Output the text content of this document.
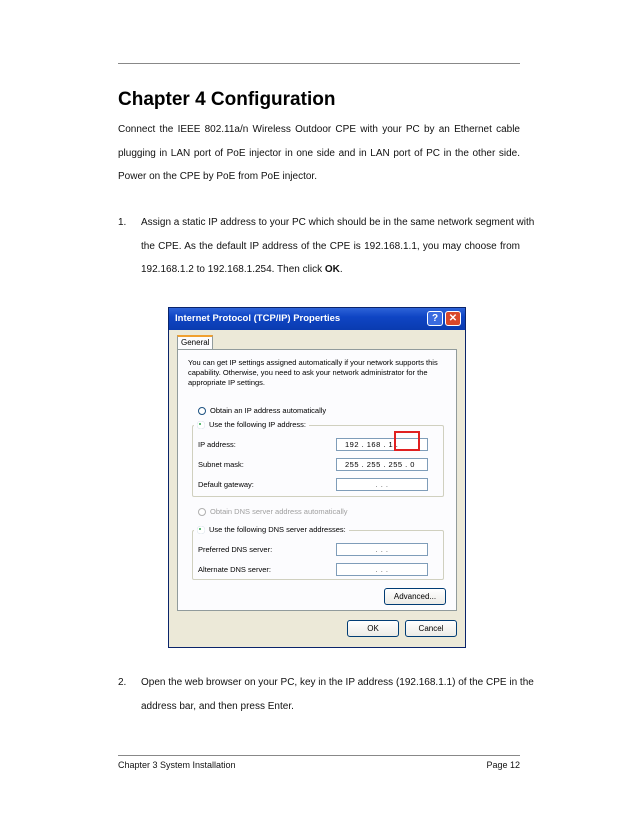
Chapter 4 Configuration
Connect the IEEE 802.11a/n Wireless Outdoor CPE with your PC by an Ethernet cable
plugging in LAN port of PoE injector in one side and in LAN port of PC in the other side.
Power on the CPE by PoE from PoE injector.
1. Assign a static IP address to your PC which should be in the same network segment with
the CPE. As the default IP address of the CPE is 192.168.1.1, you may choose from
192.168.1.2 to 192.168.1.254. Then click OK.
Internet Protocol (TCP/IP) Properties	?	✕
General
You can get IP settings assigned automatically if your network supports this capability. Otherwise, you need to ask your network administrator for the appropriate IP settings.
Obtain an IP address automatically
Use the following IP address:
IP address:	192 . 168 . 1 .
Subnet mask:	255 . 255 . 255 . 0
Default gateway:	. . .
Obtain DNS server address automatically
Use the following DNS server addresses:
Preferred DNS server:	. . .
Alternate DNS server:	. . .
Advanced...
OK	Cancel
2. Open the web browser on your PC, key in the IP address (192.168.1.1) of the CPE in the
address bar, and then press Enter.
Chapter 3 System Installation	Page 12
